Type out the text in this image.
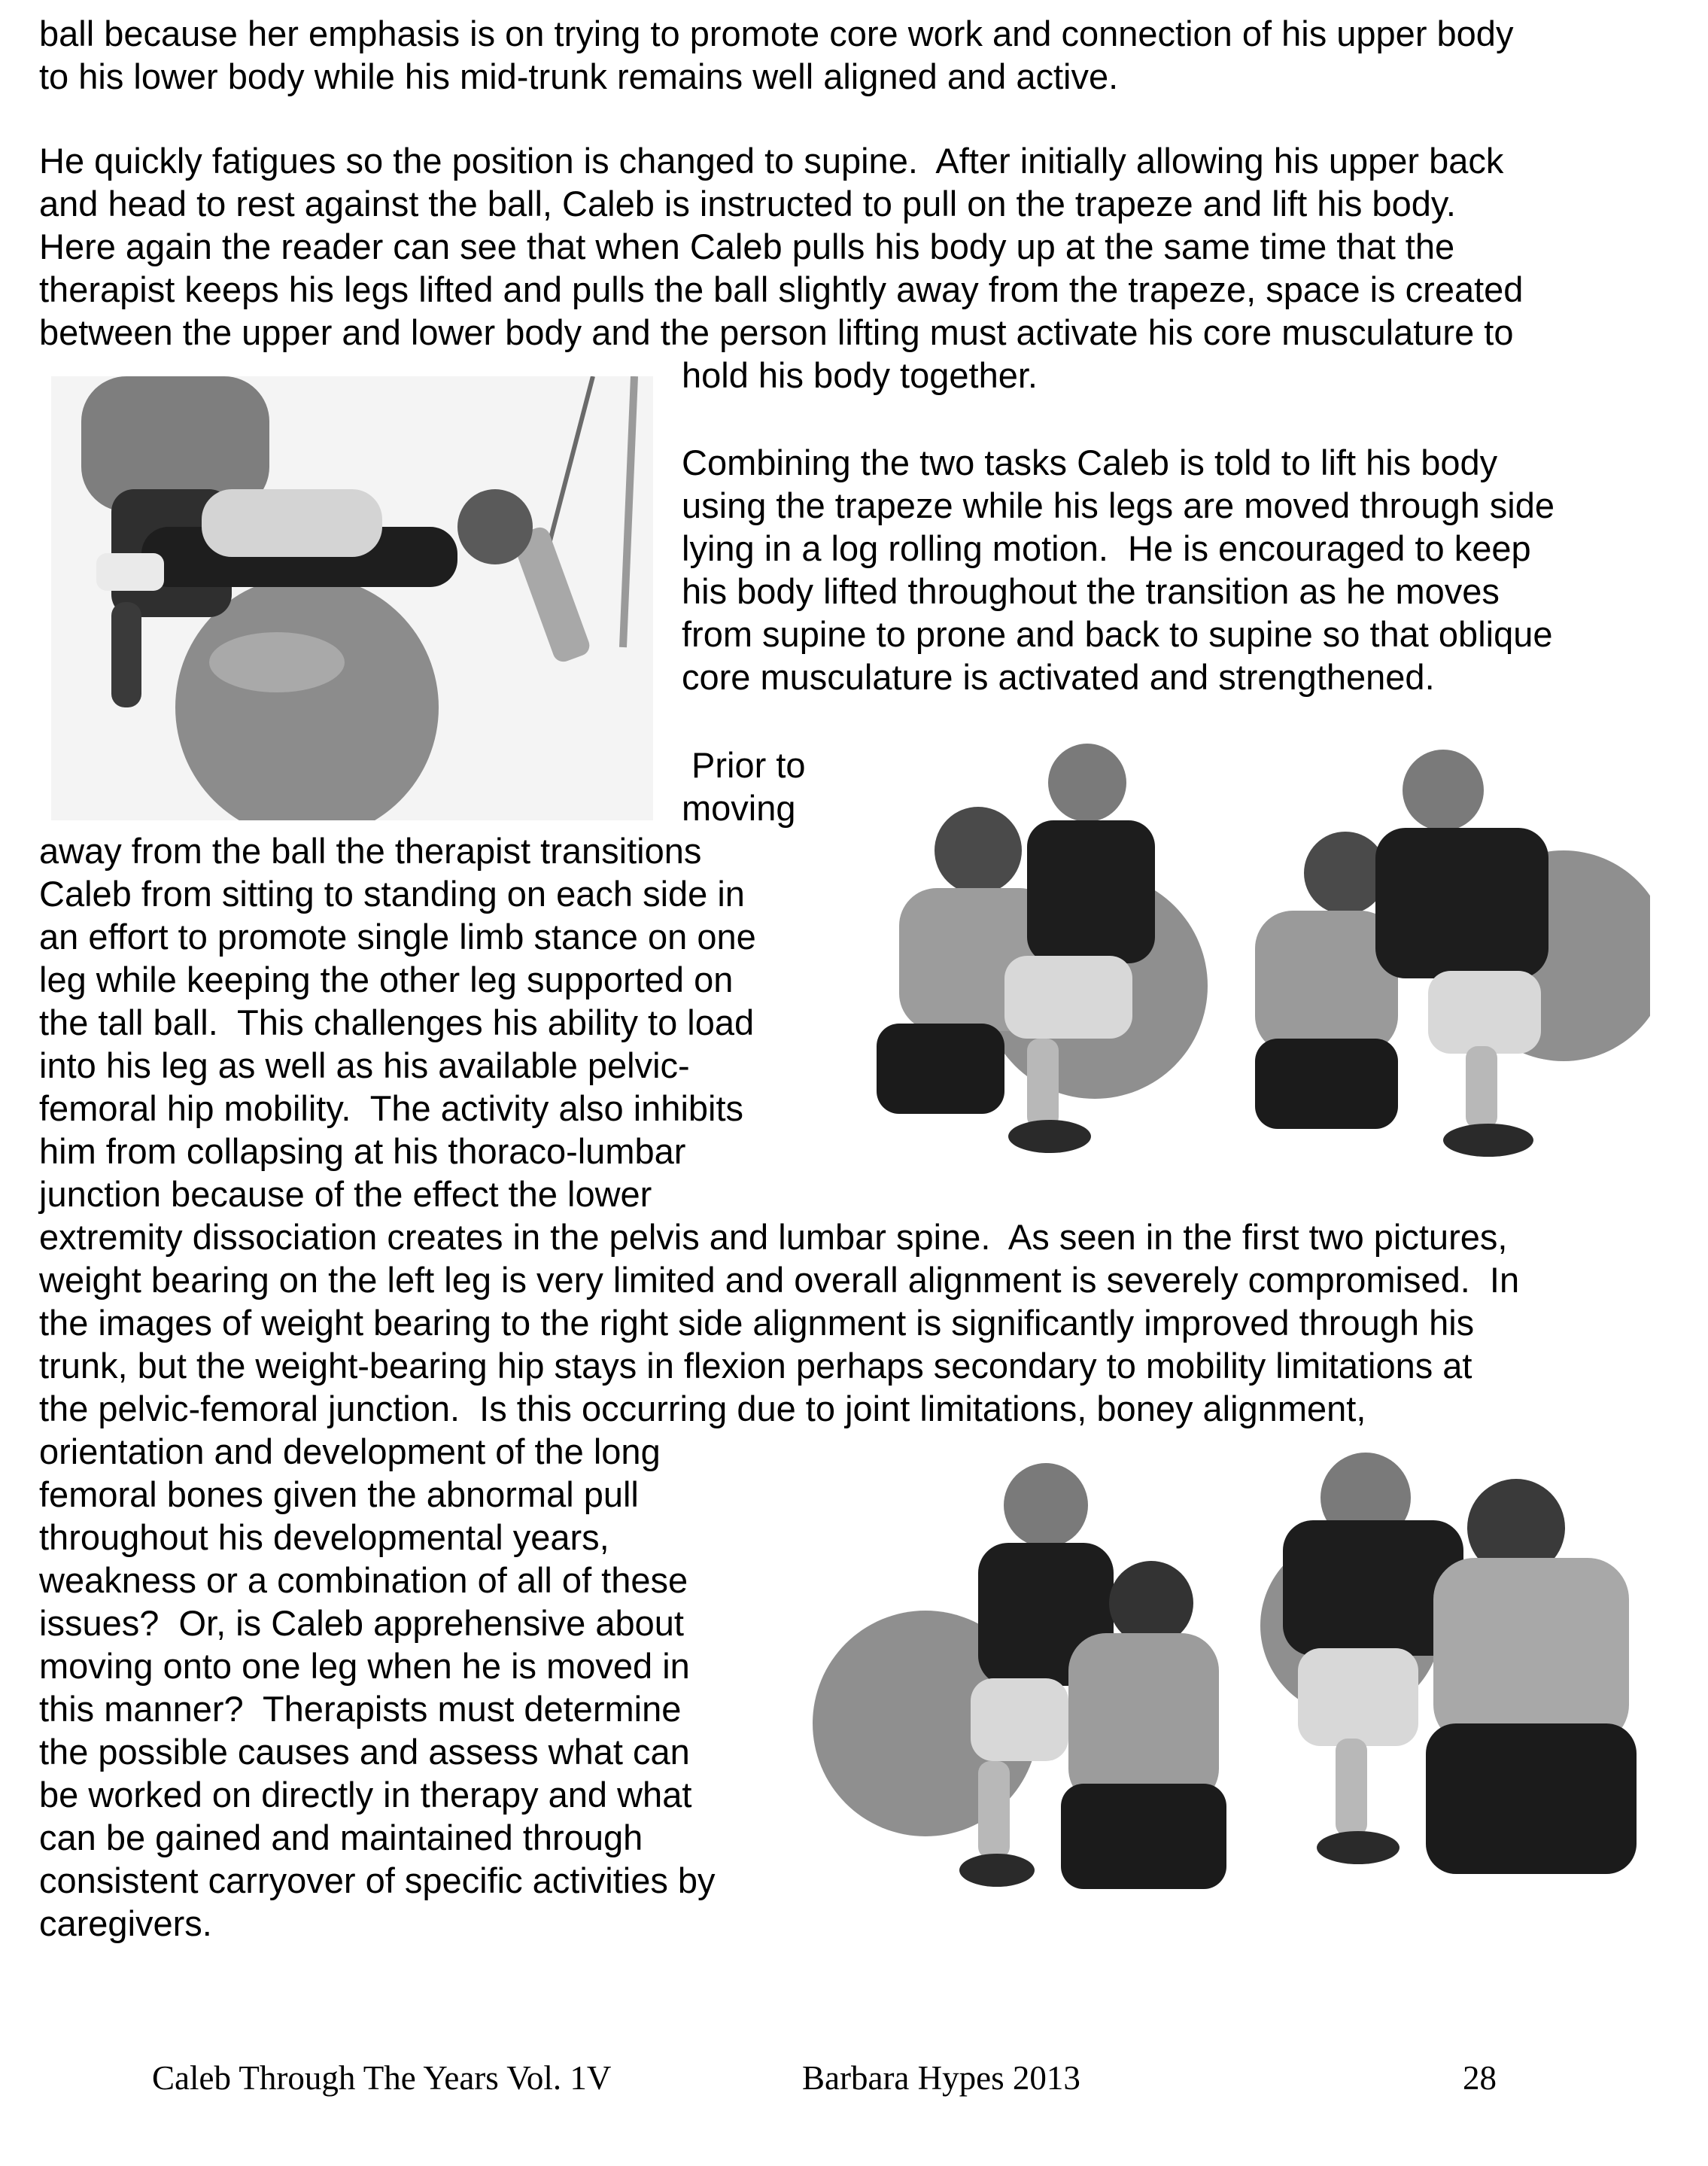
ball because her emphasis is on trying to promote core work and connection of his upper body
to his lower body while his mid-trunk remains well aligned and active.
He quickly fatigues so the position is changed to supine.  After initially allowing his upper back
and head to rest against the ball, Caleb is instructed to pull on the trapeze and lift his body.
Here again the reader can see that when Caleb pulls his body up at the same time that the
therapist keeps his legs lifted and pulls the ball slightly away from the trapeze, space is created
between the upper and lower body and the person lifting must activate his core musculature to
hold his body together.
Combining the two tasks Caleb is told to lift his body
using the trapeze while his legs are moved through side
lying in a log rolling motion.  He is encouraged to keep
his body lifted throughout the transition as he moves
from supine to prone and back to supine so that oblique
core musculature is activated and strengthened.
Prior to
moving
away from the ball the therapist transitions
Caleb from sitting to standing on each side in
an effort to promote single limb stance on one
leg while keeping the other leg supported on
the tall ball.  This challenges his ability to load
into his leg as well as his available pelvic-
femoral hip mobility.  The activity also inhibits
him from collapsing at his thoraco-lumbar
junction because of the effect the lower
extremity dissociation creates in the pelvis and lumbar spine.  As seen in the first two pictures,
weight bearing on the left leg is very limited and overall alignment is severely compromised.  In
the images of weight bearing to the right side alignment is significantly improved through his
trunk, but the weight-bearing hip stays in flexion perhaps secondary to mobility limitations at
the pelvic-femoral junction.  Is this occurring due to joint limitations, boney alignment,
orientation and development of the long
femoral bones given the abnormal pull
throughout his developmental years,
weakness or a combination of all of these
issues?  Or, is Caleb apprehensive about
moving onto one leg when he is moved in
this manner?  Therapists must determine
the possible causes and assess what can
be worked on directly in therapy and what
can be gained and maintained through
consistent carryover of specific activities by
caregivers.
Caleb Through The Years Vol. 1V	Barbara Hypes 2013	28
